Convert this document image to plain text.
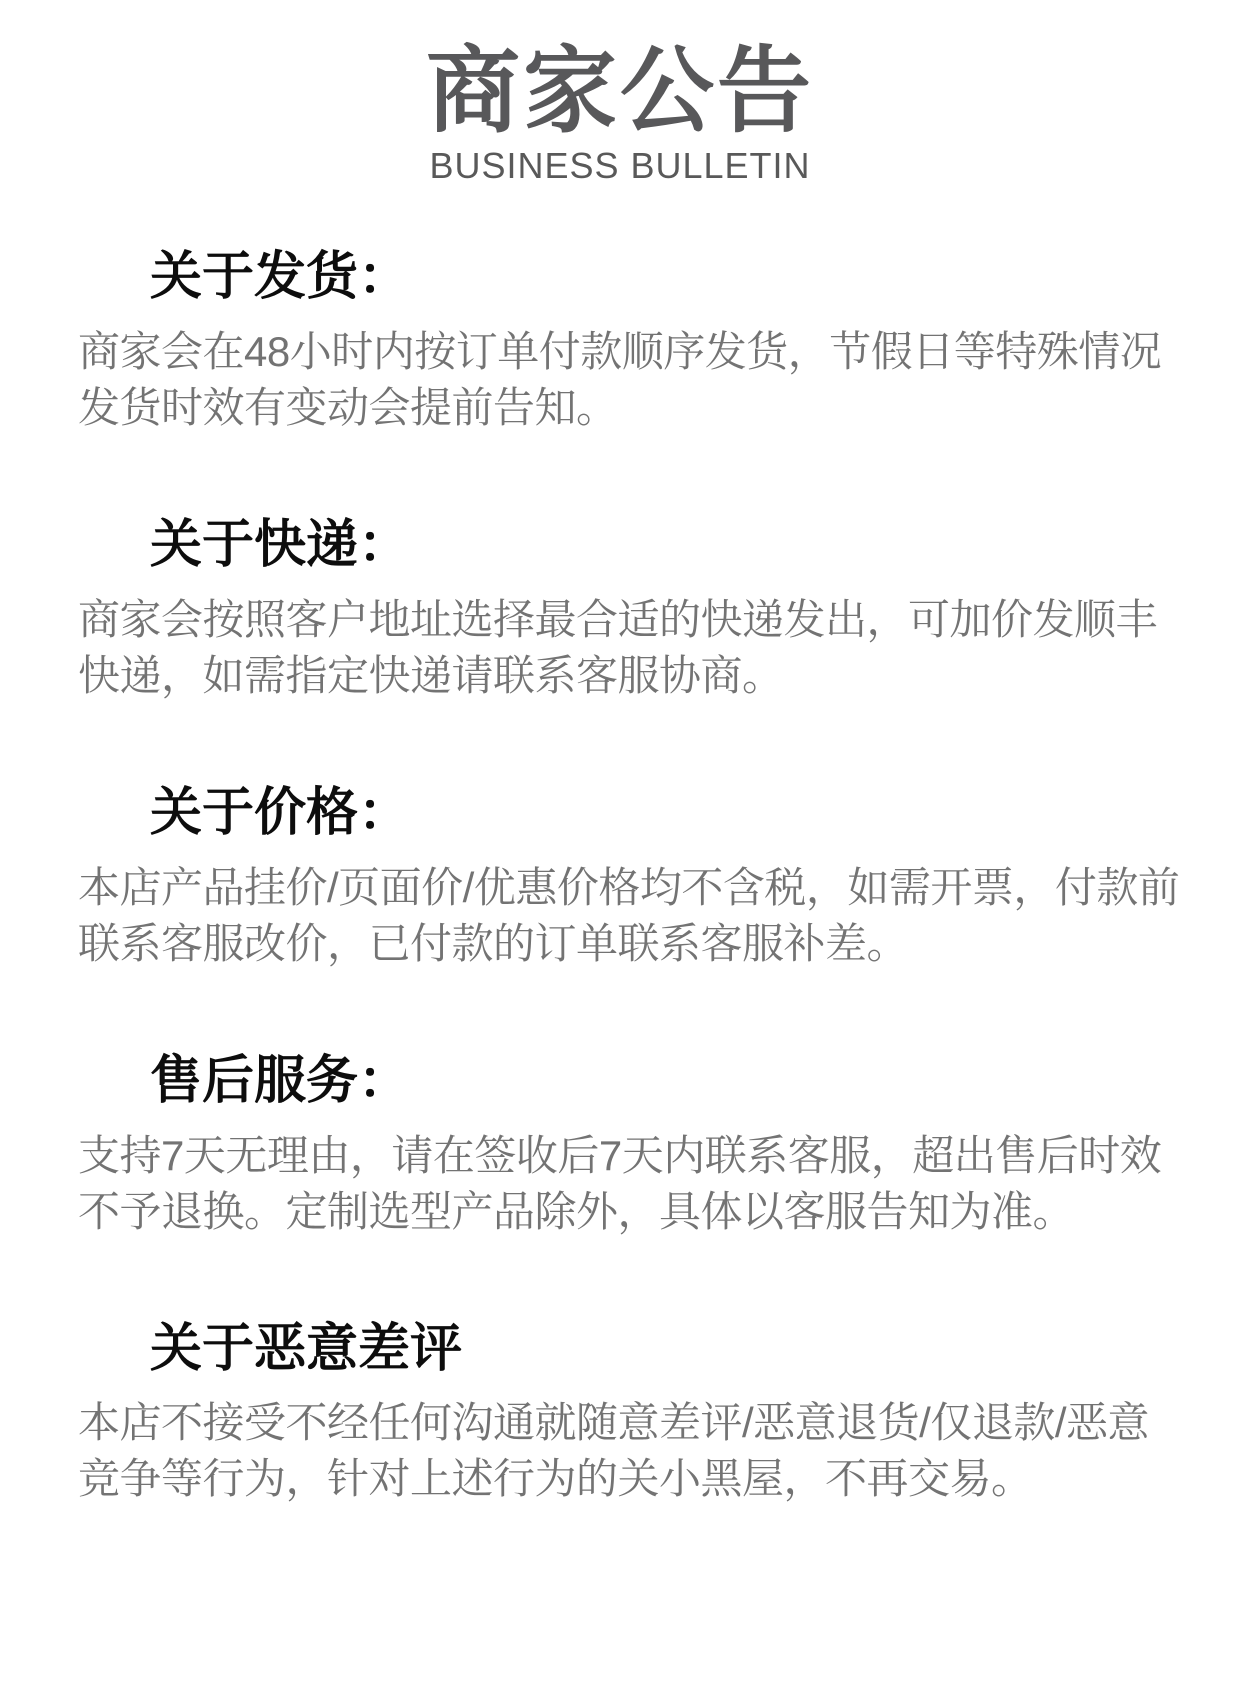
商家公告
BUSINESS BULLETIN
关于发货：

商家会在48小时内按订单付款顺序发货，节假日等特殊情况

发货时效有变动会提前告知。

关于快递：

商家会按照客户地址选择最合适的快递发出，可加价发顺丰

快递，如需指定快递请联系客服协商。

关于价格：

本店产品挂价/页面价/优惠价格均不含税，如需开票，付款前

联系客服改价，已付款的订单联系客服补差。

售后服务：

支持7天无理由，请在签收后7天内联系客服，超出售后时效

不予退换。定制选型产品除外，具体以客服告知为准。

关于恶意差评

本店不接受不经任何沟通就随意差评/恶意退货/仅退款/恶意

竞争等行为，针对上述行为的关小黑屋，不再交易。
